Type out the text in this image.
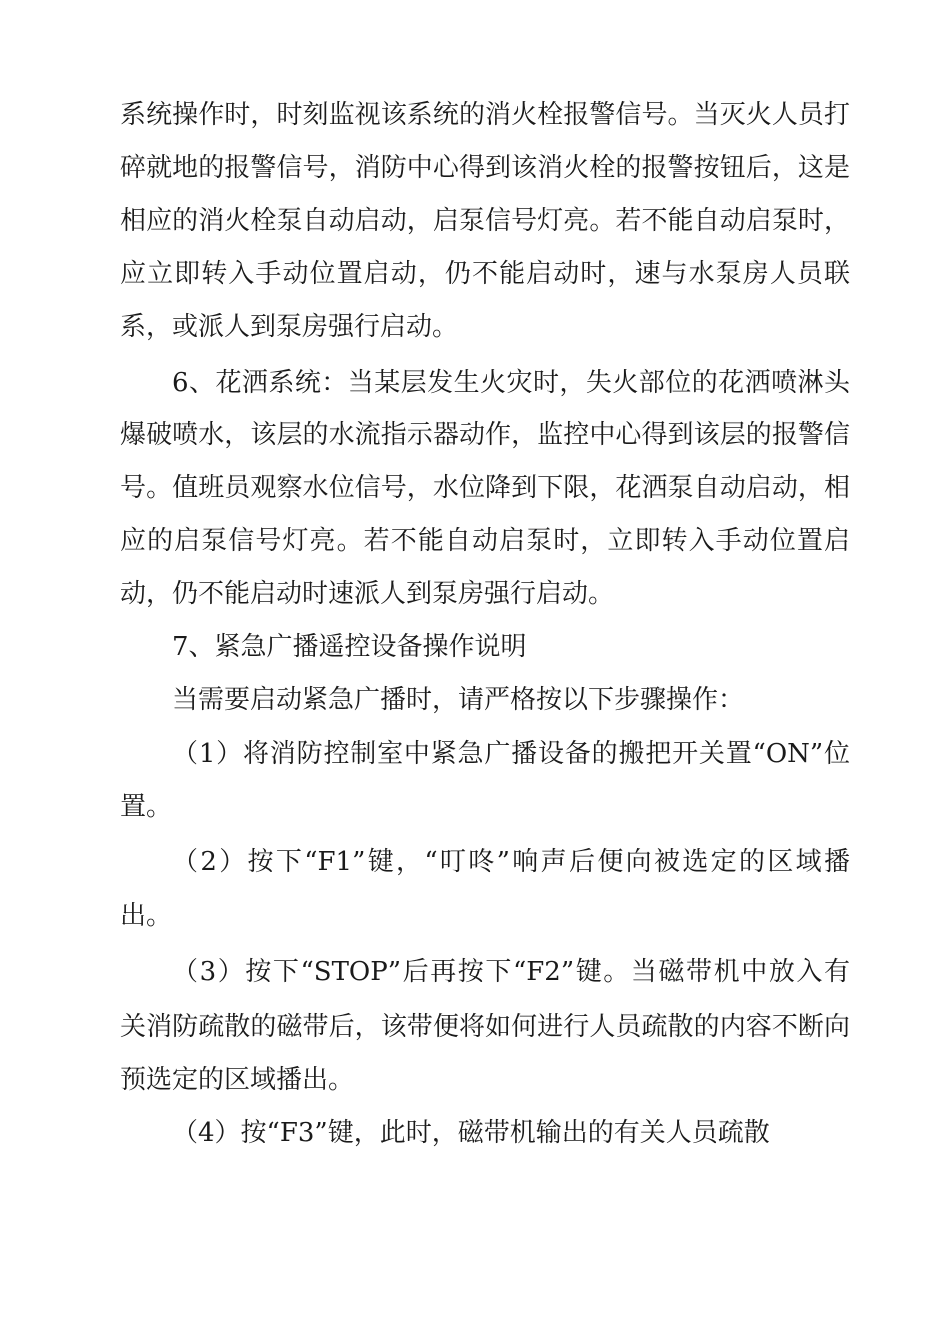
系统操作时，时刻监视该系统的消火栓报警信号。当灭火人员打
碎就地的报警信号，消防中心得到该消火栓的报警按钮后，这是
相应的消火栓泵自动启动，启泵信号灯亮。若不能自动启泵时，
应立即转入手动位置启动，仍不能启动时，速与水泵房人员联
系，或派人到泵房强行启动。
6、花洒系统：当某层发生火灾时，失火部位的花洒喷淋头
爆破喷水，该层的水流指示器动作，监控中心得到该层的报警信
号。值班员观察水位信号，水位降到下限，花洒泵自动启动，相
应的启泵信号灯亮。若不能自动启泵时，立即转入手动位置启
动，仍不能启动时速派人到泵房强行启动。
7、紧急广播遥控设备操作说明
当需要启动紧急广播时，请严格按以下步骤操作：
（1）将消防控制室中紧急广播设备的搬把开关置“ON”位
置。
（2）按下“F1”键，“叮咚”响声后便向被选定的区域播
出。
（3）按下“STOP”后再按下“F2”键。当磁带机中放入有
关消防疏散的磁带后，该带便将如何进行人员疏散的内容不断向
预选定的区域播出。
（4）按“F3”键，此时，磁带机输出的有关人员疏散
